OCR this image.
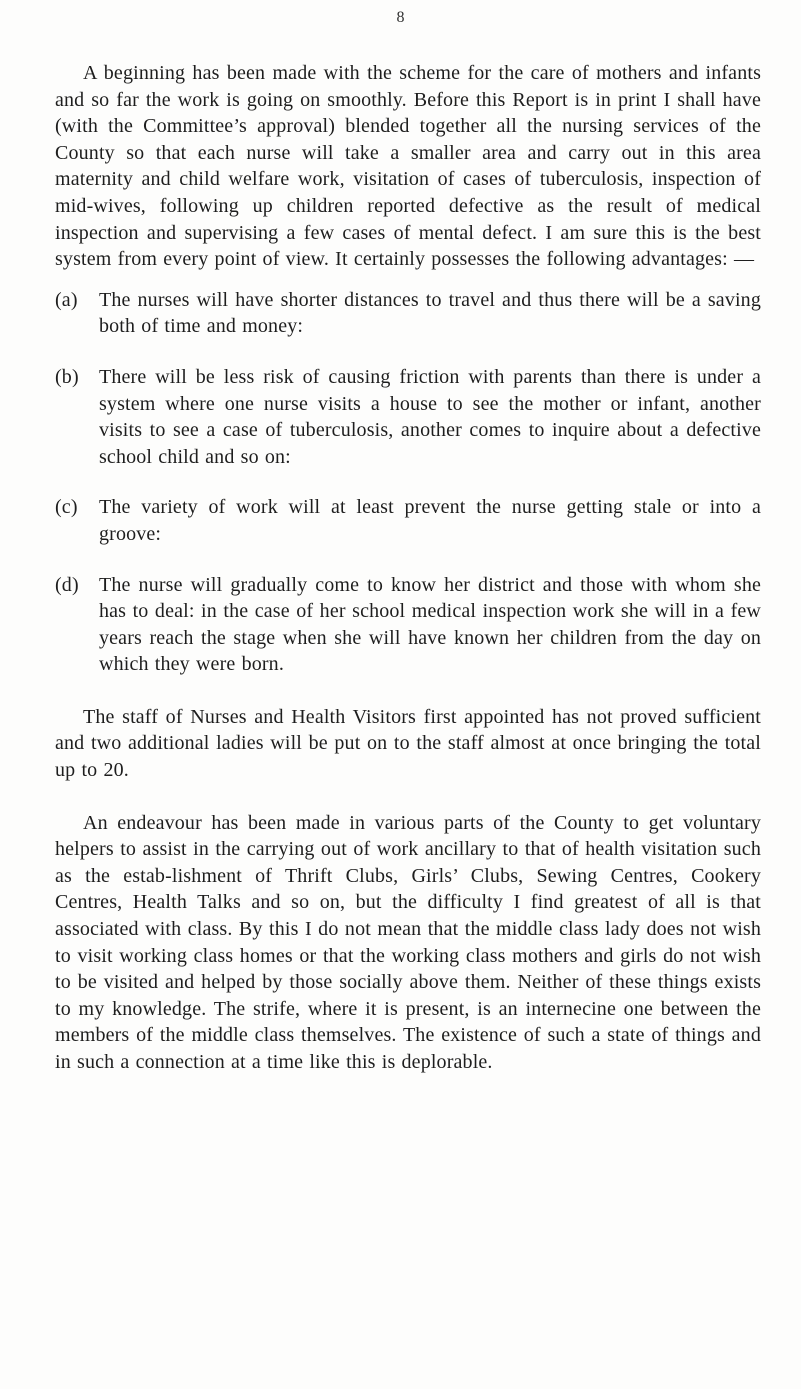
8

A beginning has been made with the scheme for the care of mothers and infants and so far the work is going on smoothly. Before this Report is in print I shall have (with the Committee’s approval) blended together all the nursing services of the County so that each nurse will take a smaller area and carry out in this area maternity and child welfare work, visitation of cases of tuberculosis, inspection of mid-wives, following up children reported defective as the result of medical inspection and supervising a few cases of mental defect. I am sure this is the best system from every point of view. It certainly possesses the following advantages: —

(a)	The nurses will have shorter distances to travel and thus there will be a saving both of time and money:

(b)	There will be less risk of causing friction with parents than there is under a system where one nurse visits a house to see the mother or infant, another visits to see a case of tuberculosis, another comes to inquire about a defective school child and so on:

(c)	The variety of work will at least prevent the nurse getting stale or into a groove:

(d)	The nurse will gradually come to know her district and those with whom she has to deal: in the case of her school medical inspection work she will in a few years reach the stage when she will have known her children from the day on which they were born.

The staff of Nurses and Health Visitors first appointed has not proved sufficient and two additional ladies will be put on to the staff almost at once bringing the total up to 20.

An endeavour has been made in various parts of the County to get voluntary helpers to assist in the carrying out of work ancillary to that of health visitation such as the estab-lishment of Thrift Clubs, Girls’ Clubs, Sewing Centres, Cookery Centres, Health Talks and so on, but the difficulty I find greatest of all is that associated with class. By this I do not mean that the middle class lady does not wish to visit working class homes or that the working class mothers and girls do not wish to be visited and helped by those socially above them. Neither of these things exists to my knowledge. The strife, where it is present, is an internecine one between the members of the middle class themselves. The existence of such a state of things and in such a connection at a time like this is deplorable.
